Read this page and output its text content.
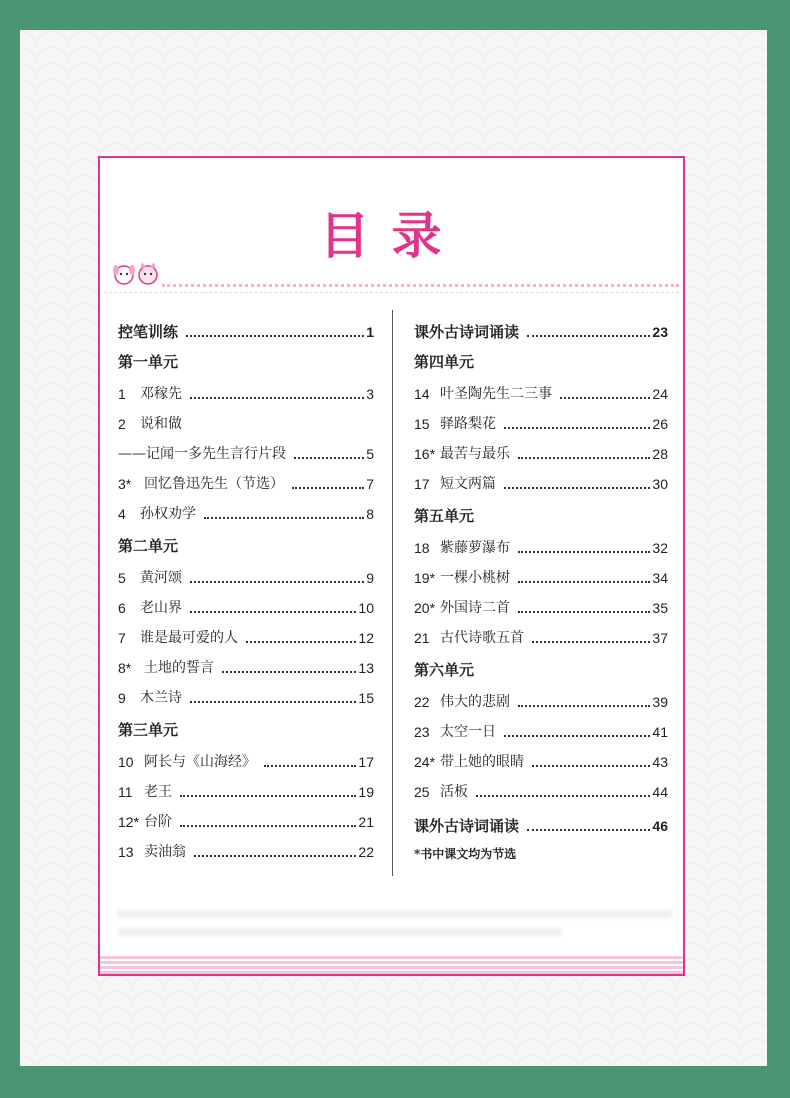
目录
控笔训练	1
第一单元
1	邓稼先	3
2	说和做
——记闻一多先生言行片段	5
3* 回忆鲁迅先生（节选）	7
4	孙权劝学	8
第二单元
5	黄河颂	9
6	老山界	10
7	谁是最可爱的人	12
8* 土地的誓言	13
9	木兰诗	15
第三单元
10 阿长与《山海经》	17
11 老王	19
12* 台阶	21
13 卖油翁	22
课外古诗词诵读	23
第四单元
14 叶圣陶先生二三事	24
15 驿路梨花	26
16* 最苦与最乐	28
17 短文两篇	30
第五单元
18 紫藤萝瀑布	32
19* 一棵小桃树	34
20* 外国诗二首	35
21 古代诗歌五首	37
第六单元
22 伟大的悲剧	39
23 太空一日	41
24* 带上她的眼睛	43
25 活板	44
课外古诗词诵读	46
*书中课文均为节选
